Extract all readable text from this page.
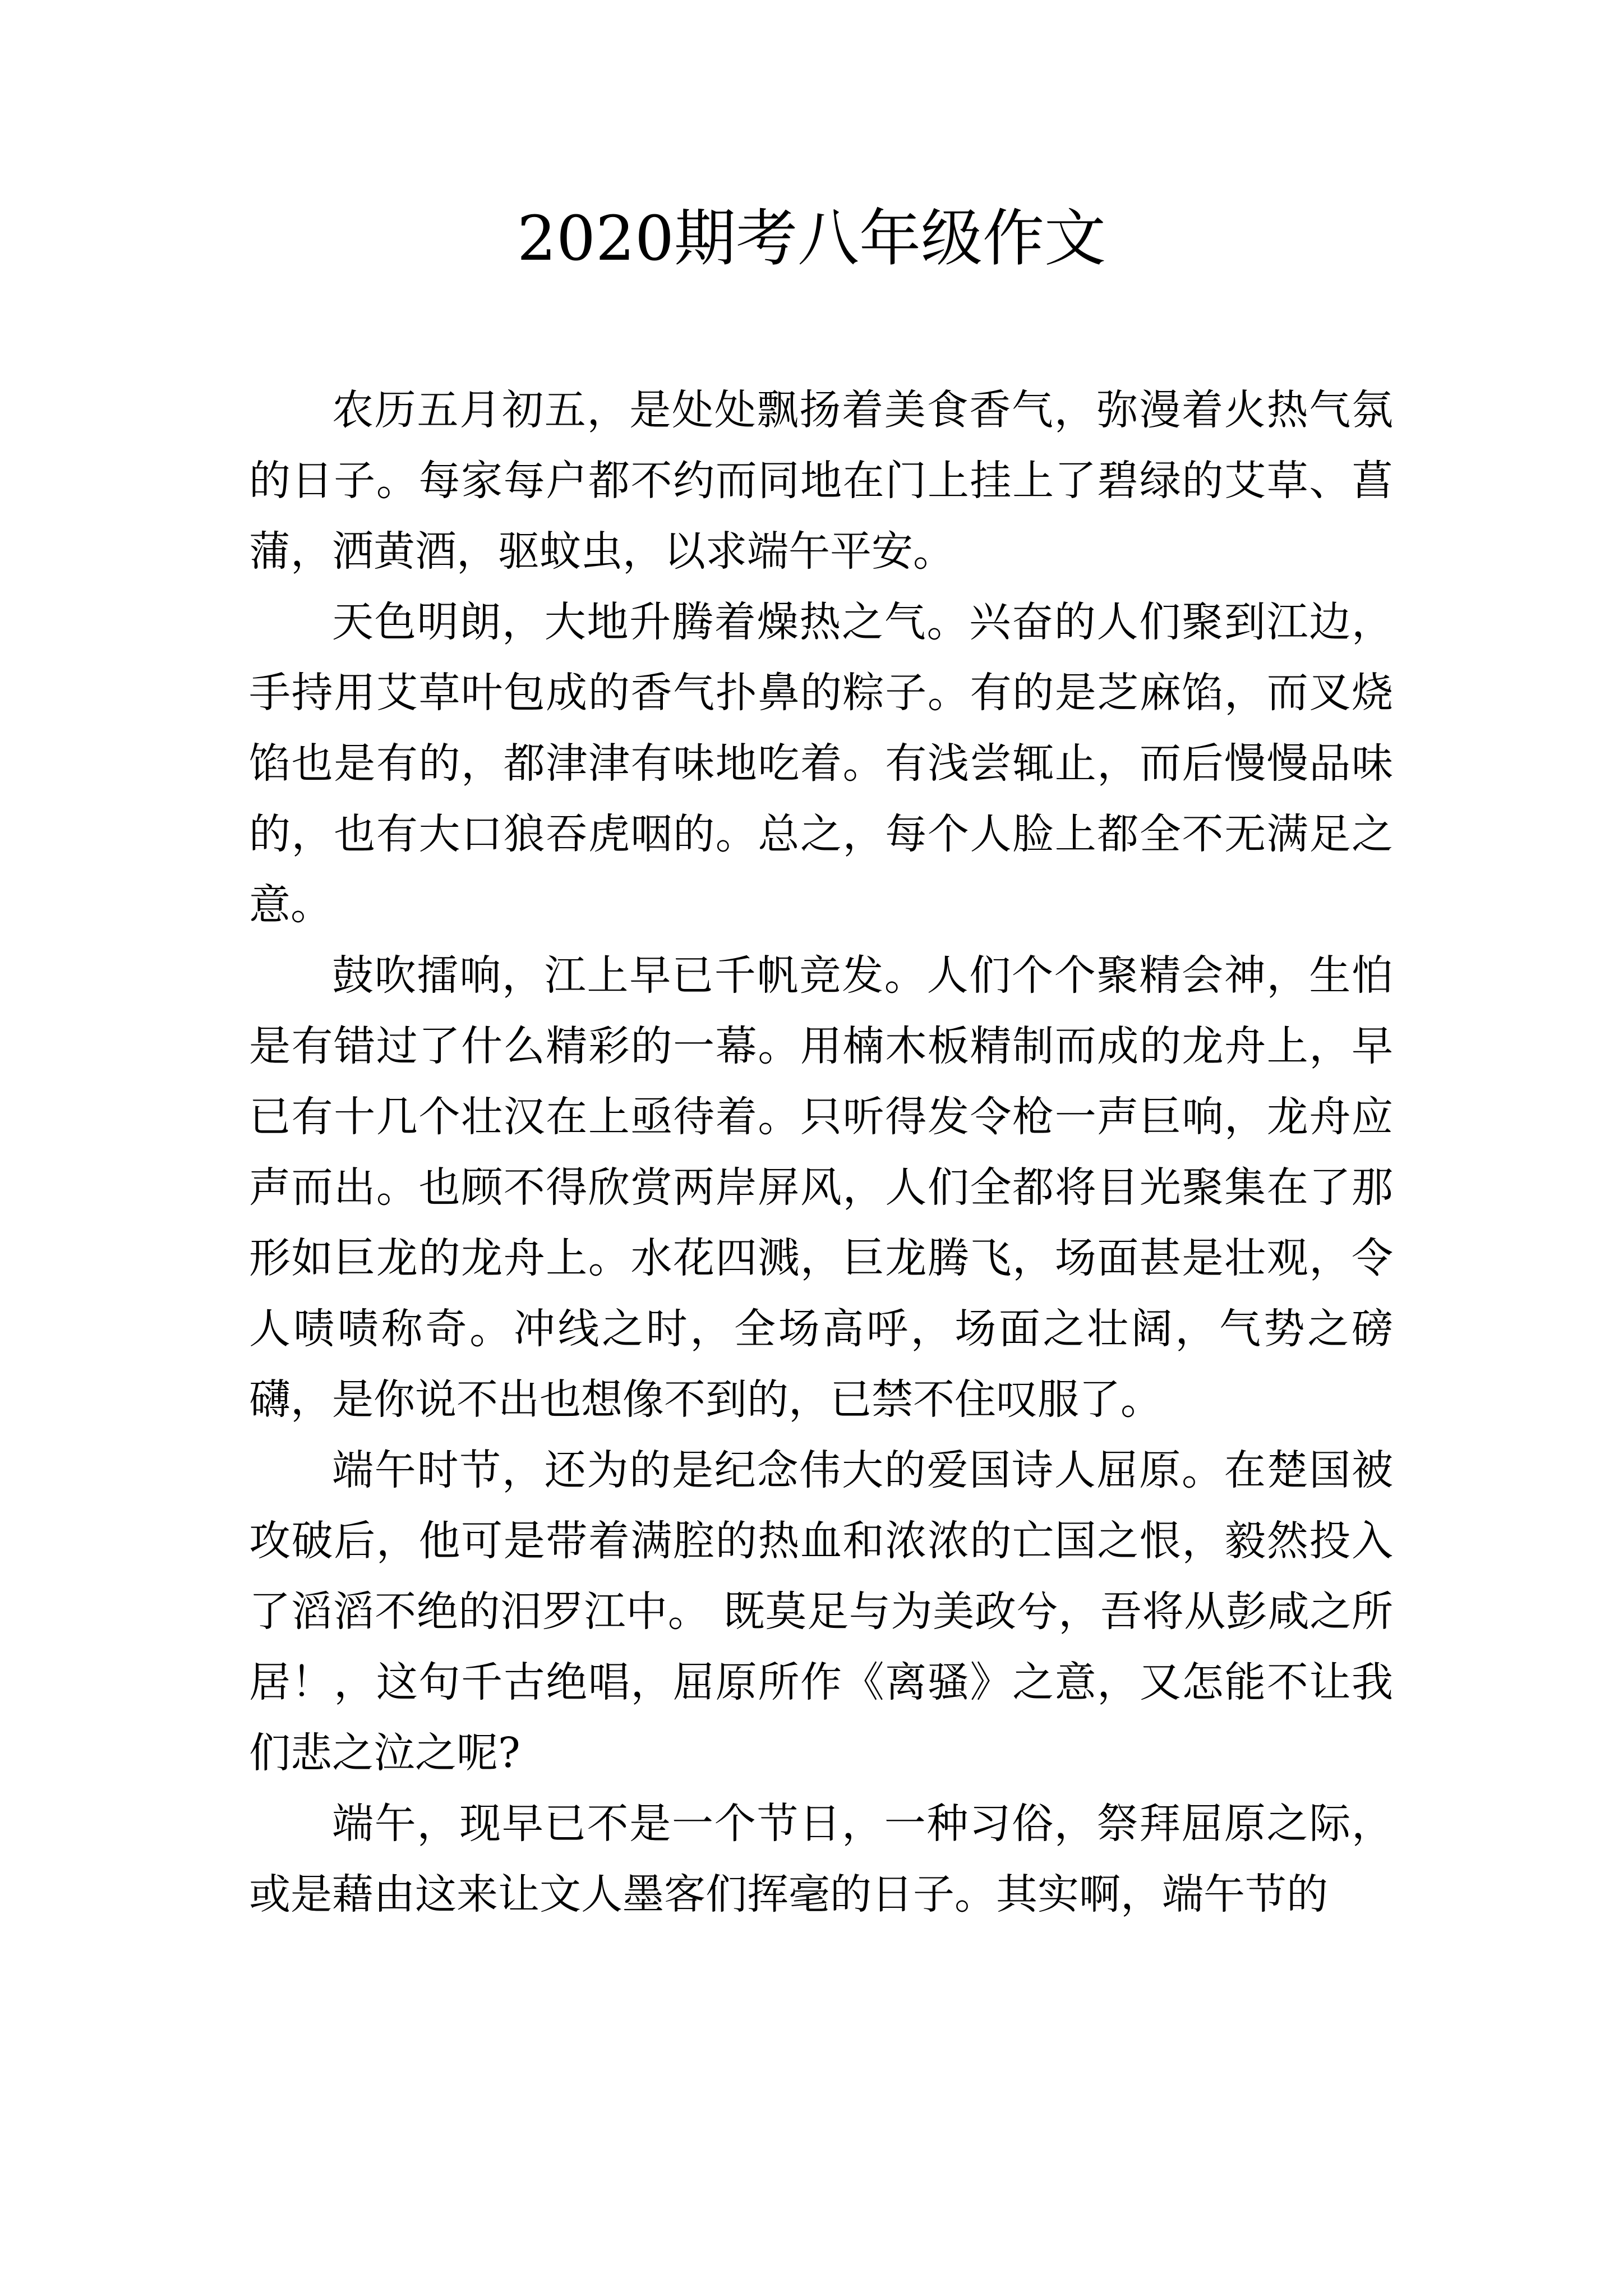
2020期考八年级作文

农历五月初五，是处处飘扬着美食香气，弥漫着火热气氛的日子。每家每户都不约而同地在门上挂上了碧绿的艾草、菖蒲，洒黄酒，驱蚊虫，以求端午平安。

天色明朗，大地升腾着燥热之气。兴奋的人们聚到江边，手持用艾草叶包成的香气扑鼻的粽子。有的是芝麻馅，而叉烧馅也是有的，都津津有味地吃着。有浅尝辄止，而后慢慢品味的，也有大口狼吞虎咽的。总之，每个人脸上都全不无满足之意。

鼓吹擂响，江上早已千帆竞发。人们个个聚精会神，生怕是有错过了什么精彩的一幕。用楠木板精制而成的龙舟上，早已有十几个壮汉在上亟待着。只听得发令枪一声巨响，龙舟应声而出。也顾不得欣赏两岸屏风，人们全都将目光聚集在了那形如巨龙的龙舟上。水花四溅，巨龙腾飞，场面甚是壮观，令人啧啧称奇。冲线之时，全场高呼，场面之壮阔，气势之磅礴，是你说不出也想像不到的，已禁不住叹服了。

端午时节，还为的是纪念伟大的爱国诗人屈原。在楚国被攻破后，他可是带着满腔的热血和浓浓的亡国之恨，毅然投入了滔滔不绝的汨罗江中。 既莫足与为美政兮，吾将从彭咸之所居！，这句千古绝唱，屈原所作《离骚》之意，又怎能不让我们悲之泣之呢?

端午，现早已不是一个节日，一种习俗，祭拜屈原之际，或是藉由这来让文人墨客们挥毫的日子。其实啊，端午节的
